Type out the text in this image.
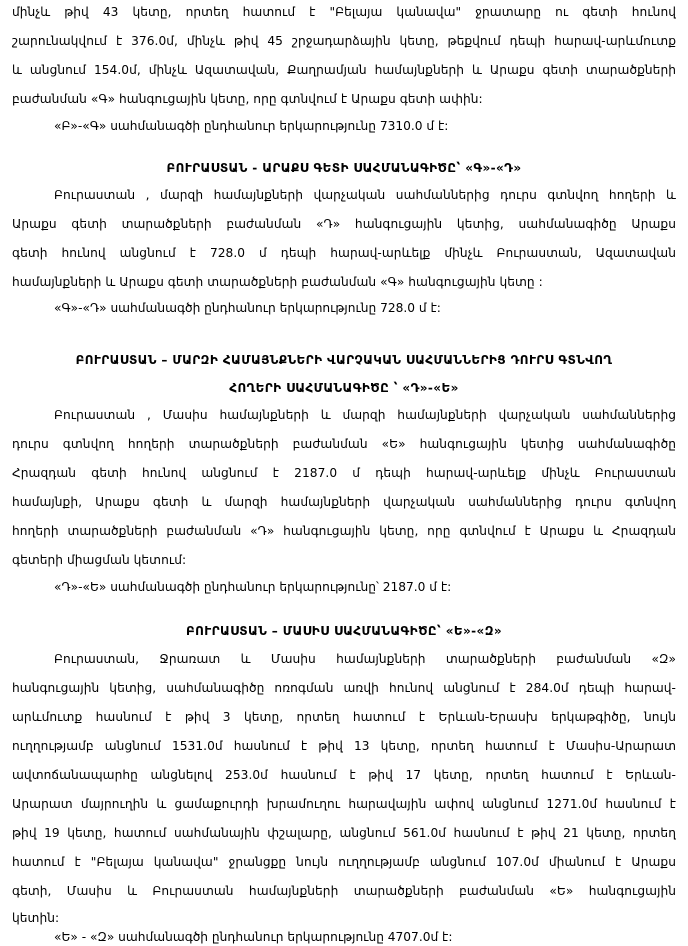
մինչև թիվ 43 կետը, որտեղ հատում է "Բելայա կանավա" ջրատարը ու գետի հունով
շարունակվում է 376.0մ, մինչև թիվ 45 շրջադարձային կետը, թեքվում դեպի հարավ-արևմուտք
և անցնում 154.0մ, մինչև Ազատավան, Քաղրամյան համայնքների և Արաքս գետի տարածքների
բաժանման «Գ» հանգուցային կետը, որը գտնվում է Արաքս գետի ափին:
«Բ»-«Գ» սահմանագծի ընդհանուր երկարությունը 7310.0 մ է:
ԲՈՒՐԱՍՏԱՆ - ԱՐԱՔՍ ԳԵՏԻ ՍԱՀՄԱՆԱԳԻԾԸ՝ «Գ»-«Դ»
Բուրաստան , մարզի համայնքների վարչական սահմաններից դուրս գտնվող հողերի և
Արաքս գետի տարածքների բաժանման «Դ» հանգուցային կետից, սահմանագիծը Արաքս
գետի հունով անցնում է 728.0 մ դեպի հարավ-արևելք մինչև Բուրաստան, Ազատավան
համայնքների և Արաքս գետի տարածքների բաժանման «Գ» հանգուցային կետը :
«Գ»-«Դ» սահմանագծի ընդհանուր երկարությունը 728.0 մ է:
ԲՈՒՐԱՍՏԱՆ – ՄԱՐԶԻ ՀԱՄԱՅՆՔՆԵՐԻ ՎԱՐՉԱԿԱՆ ՍԱՀՄԱՆՆԵՐԻՑ ԴՈՒՐՍ ԳՏՆՎՈՂ
ՀՈՂԵՐԻ ՍԱՀՄԱՆԱԳԻԾԸ ՝ «Դ»-«Ե»
Բուրաստան , Մասիս համայնքների և մարզի համայնքների վարչական սահմաններից
դուրս գտնվող հողերի տարածքների բաժանման «Ե» հանգուցային կետից սահմանագիծը
Հրազդան գետի հունով անցնում է 2187.0 մ դեպի հարավ-արևելք մինչև Բուրաստան
համայնքի, Արաքս գետի և մարզի համայնքների վարչական սահմաններից դուրս գտնվող
հողերի տարածքների բաժանման «Դ» հանգուցային կետը, որը գտնվում է Արաքս և Հրազդան
գետերի միացման կետում:
«Դ»-«Ե» սահմանագծի ընդհանուր երկարությունը՝ 2187.0 մ է:
ԲՈՒՐԱՍՏԱՆ – ՄԱՍԻՍ ՍԱՀՄԱՆԱԳԻԾԸ՝ «Ե»-«Զ»
Բուրաստան, Ջրառատ և Մասիս համայնքների տարածքների բաժանման «Զ»
հանգուցային կետից, սահմանագիծը ոռոգման առվի հունով անցնում է 284.0մ դեպի հարավ-
արևմուտք հասնում է թիվ 3 կետը, որտեղ հատում է Երևան-Երասխ երկաթգիծը, նույն
ուղղությամբ անցնում 1531.0մ հասնում է թիվ 13 կետը, որտեղ հատում է Մասիս-Արարատ
ավտոճանապարհը անցնելով 253.0մ հասնում է թիվ 17 կետը, որտեղ հատում է Երևան-
Արարատ մայրուղին և ցամաքուրդի խրամուղու հարավային ափով անցնում 1271.0մ հասնում է
թիվ 19 կետը, հատում սահմանային փշալարը, անցնում 561.0մ հասնում է թիվ 21 կետը, որտեղ
հատում է "Բելայա կանավա" ջրանցքը նույն ուղղությամբ անցնում 107.0մ միանում է Արաքս
գետի, Մասիս և Բուրաստան համայնքների տարածքների բաժանման «Ե» հանգուցային
կետին:
«Ե» - «Զ» սահմանագծի ընդհանուր երկարությունը 4707.0մ է:
